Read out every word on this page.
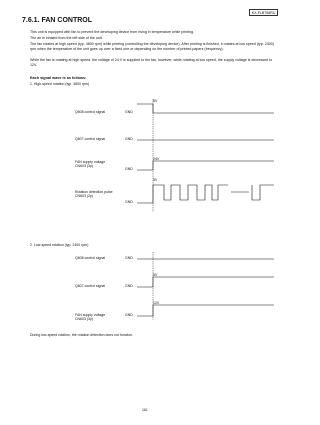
KX-FLB758RU
7.6.1. FAN CONTROL
This unit is equipped with fan to prevent the developing device from rising in temperature while printing.
The air is inhaled from the left side of the unit.
The fan rotates at high speed (typ. 4800 rpm) while printing (controlling the developing device). After printing is finished, it rotates at low speed (typ. 2400) rpm when the temperature of the unit goes up over a fixed one or depending on the number of printed papers (frequency).
While the fan is rotating at high speed, the voltage of 24 V is supplied to the fan, however, while rotating at low speed, the supply voltage is decreased to 12V.
Each signal wave is as follows:
1. High-speed rotation (typ. 4800 rpm)
Q608 control signal
5V
GND
Q607 control signal	GND
FAN supply voltage CN603 (3p)
24V
GND
Rotation detection pulse CN603 (2p)
5V
GND
2. Low-speed rotation (typ. 2400 rpm)
Q608 control signal	GND
Q607 control signal
5V
GND
FAN supply voltage CN603 (3p)
12V
GND
During low-speed rotation, the rotation detection does not function.
161
